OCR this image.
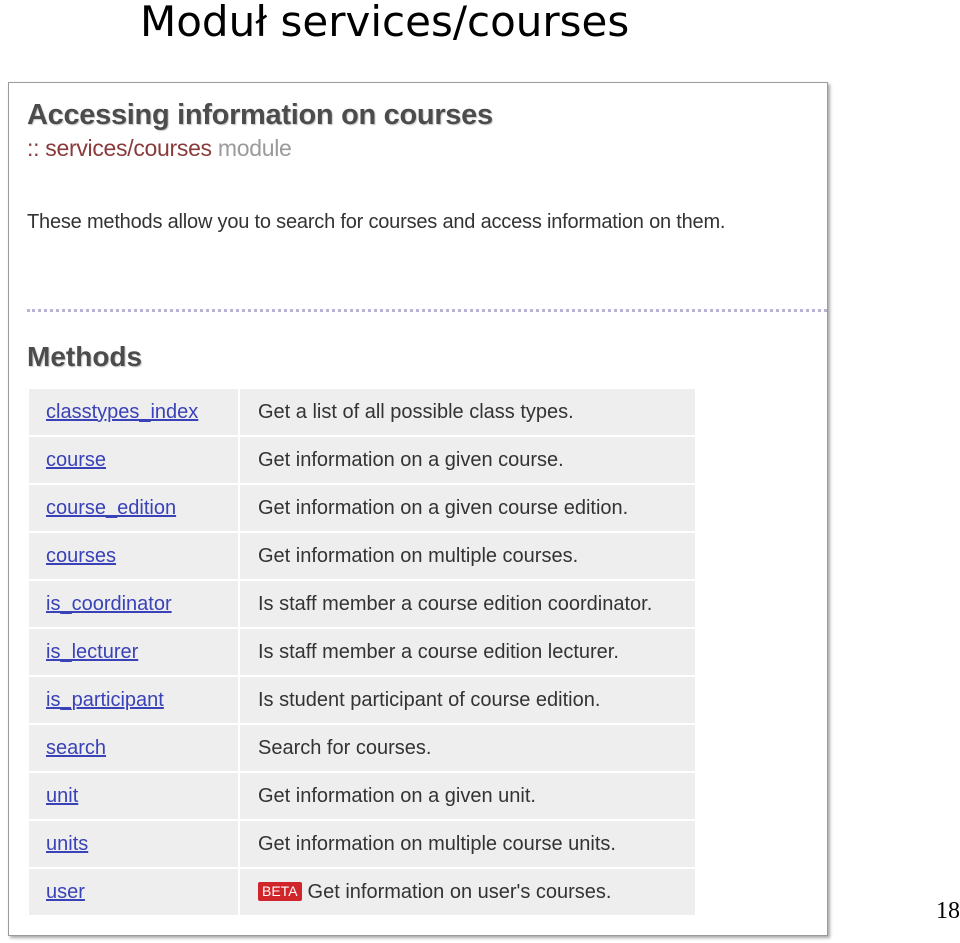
Moduł services/courses
Accessing information on courses
:: services/courses module
These methods allow you to search for courses and access information on them.
Methods
classtypes_index	Get a list of all possible class types.
course	Get information on a given course.
course_edition	Get information on a given course edition.
courses	Get information on multiple courses.
is_coordinator	Is staff member a course edition coordinator.
is_lecturer	Is staff member a course edition lecturer.
is_participant	Is student participant of course edition.
search	Search for courses.
unit	Get information on a given unit.
units	Get information on multiple course units.
user	BETA Get information on user's courses.
18
